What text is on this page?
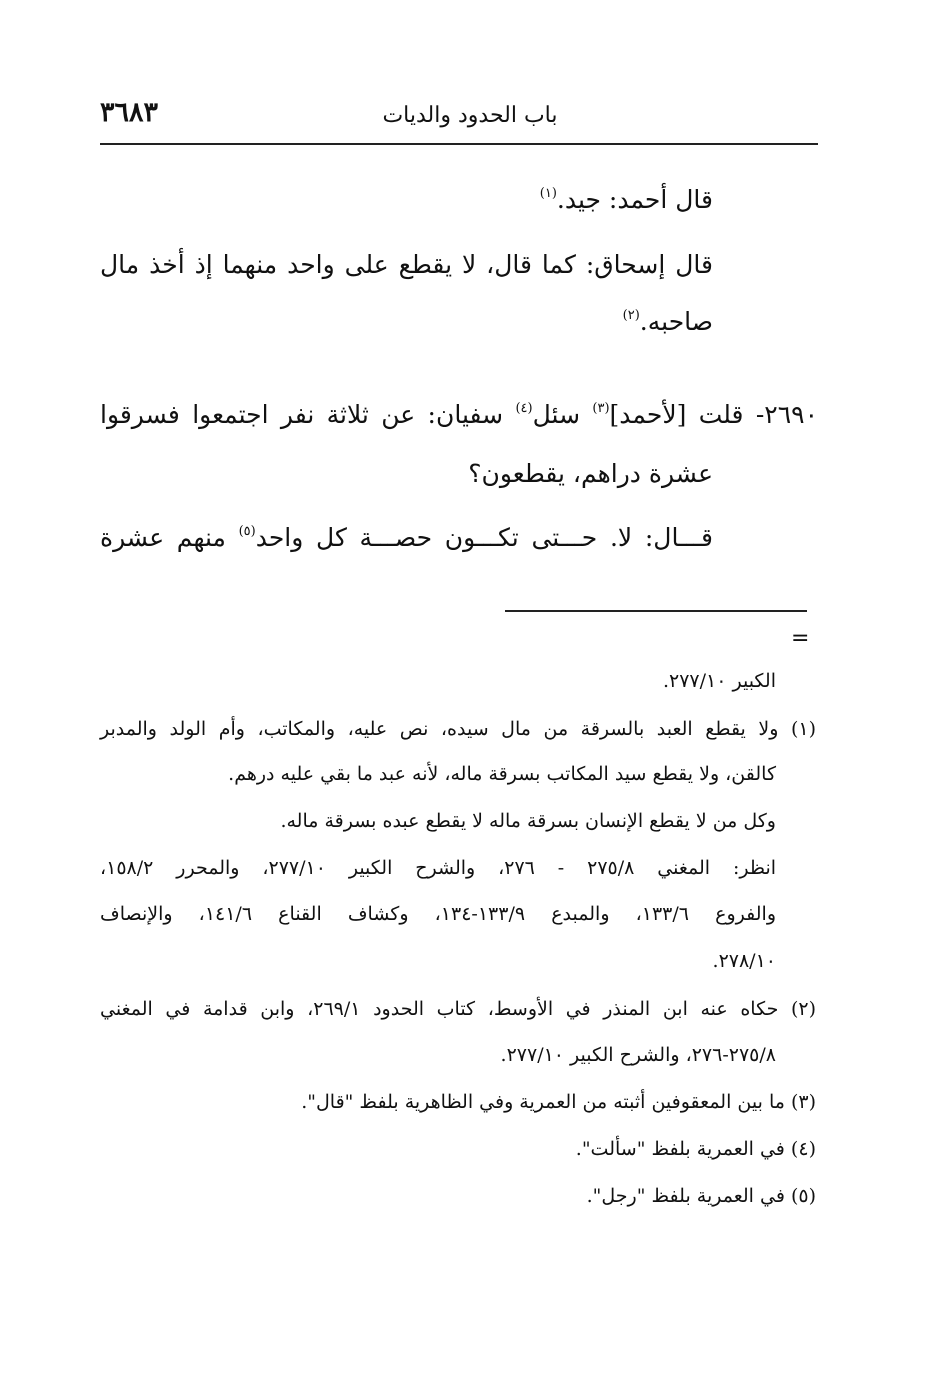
باب الحدود والديات
٣٦٨٣
قال أحمد: جيد.$^{(١)}$
قال إسحاق: كما قال، لا يقطع على واحد منهما إذ أخذ مال
صاحبه.$^{(٢)}$
٢٦٩٠- قلت [لأحمد]$^{(٣)}$ سئل$^{(٤)}$ سفيان: عن ثلاثة نفر اجتمعوا فسرقوا
عشرة دراهم، يقطعون؟
قـــال: لا. حـــتى تكـــون حصـــة كل واحد$^{(٥)}$ منهم عشرة
=
الكبير ٢٧٧/١٠.
(١) ولا يقطع العبد بالسرقة من مال سيده، نص عليه، والمكاتب، وأم الولد والمدبر
كالقن، ولا يقطع سيد المكاتب بسرقة ماله، لأنه عبد ما بقي عليه درهم.
وكل من لا يقطع الإنسان بسرقة ماله لا يقطع عبده بسرقة ماله.
انظر: المغني ٢٧٥/٨ - ٢٧٦، والشرح الكبير ٢٧٧/١٠، والمحرر ١٥٨/٢،
والفروع ١٣٣/٦، والمبدع ١٣٣/٩-١٣٤، وكشاف القناع ١٤١/٦، والإنصاف
٢٧٨/١٠.
(٢) حكاه عنه ابن المنذر في الأوسط، كتاب الحدود ٢٦٩/١، وابن قدامة في المغني
٢٧٥/٨-٢٧٦، والشرح الكبير ٢٧٧/١٠.
(٣) ما بين المعقوفين أثبته من العمرية وفي الظاهرية بلفظ "قال".
(٤) في العمرية بلفظ "سألت".
(٥) في العمرية بلفظ "رجل".
